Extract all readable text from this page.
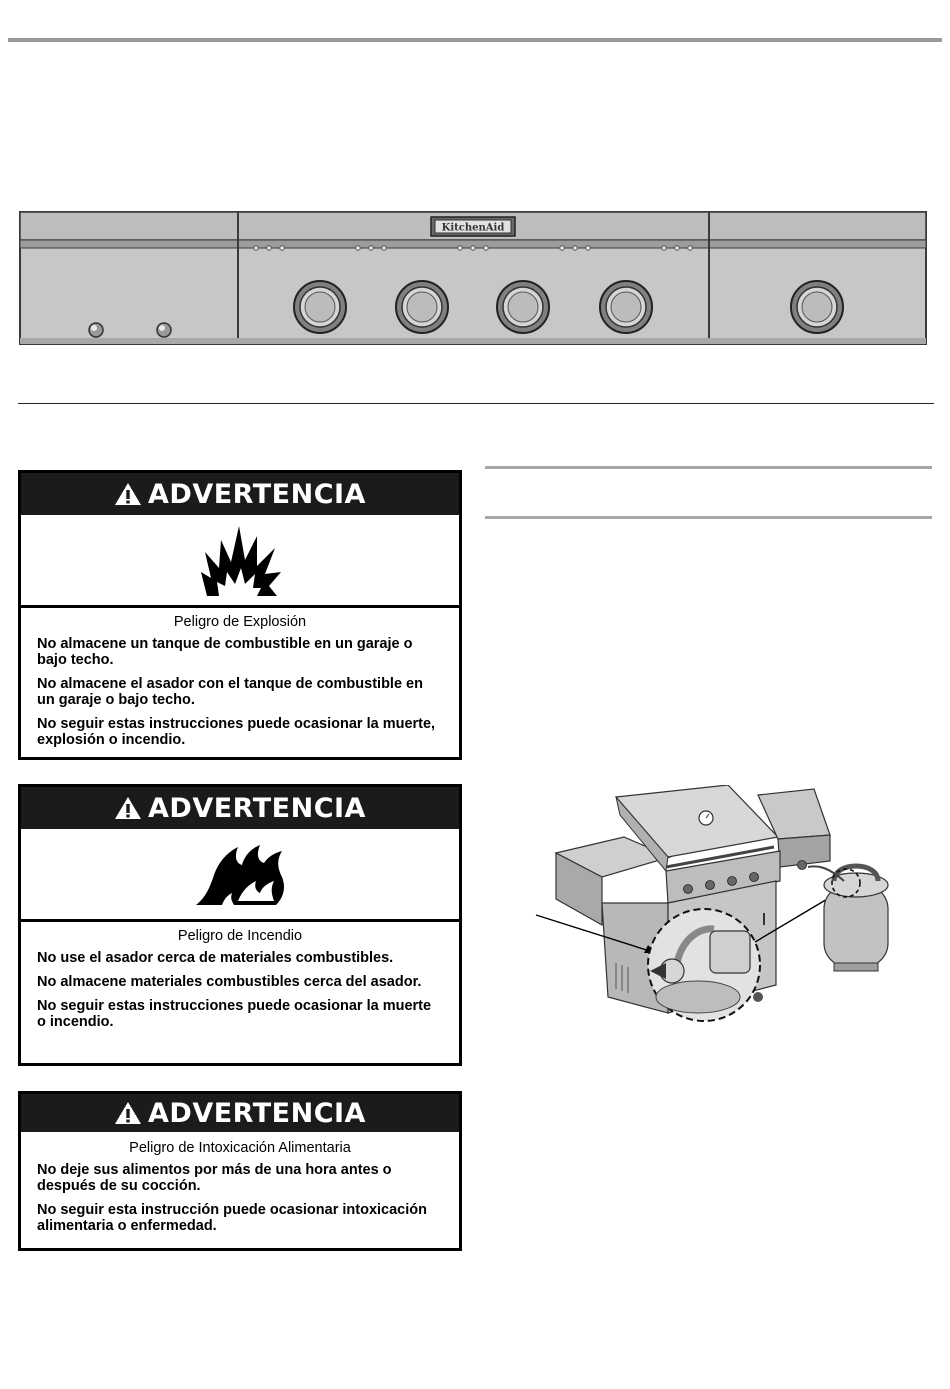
KitchenAid
ADVERTENCIA

Peligro de Explosión

No almacene un tanque de combustible en un garaje o bajo techo.

No almacene el asador con el tanque de combustible en un garaje o bajo techo.

No seguir estas instrucciones puede ocasionar la muerte, explosión o incendio.

ADVERTENCIA

Peligro de Incendio

No use el asador cerca de materiales combustibles.

No almacene materiales combustibles cerca del asador.

No seguir estas instrucciones puede ocasionar la muerte o incendio.

ADVERTENCIA

Peligro de Intoxicación Alimentaria

No deje sus alimentos por más de una hora antes o después de su cocción.

No seguir esta instrucción puede ocasionar intoxicación alimentaria o enfermedad.
